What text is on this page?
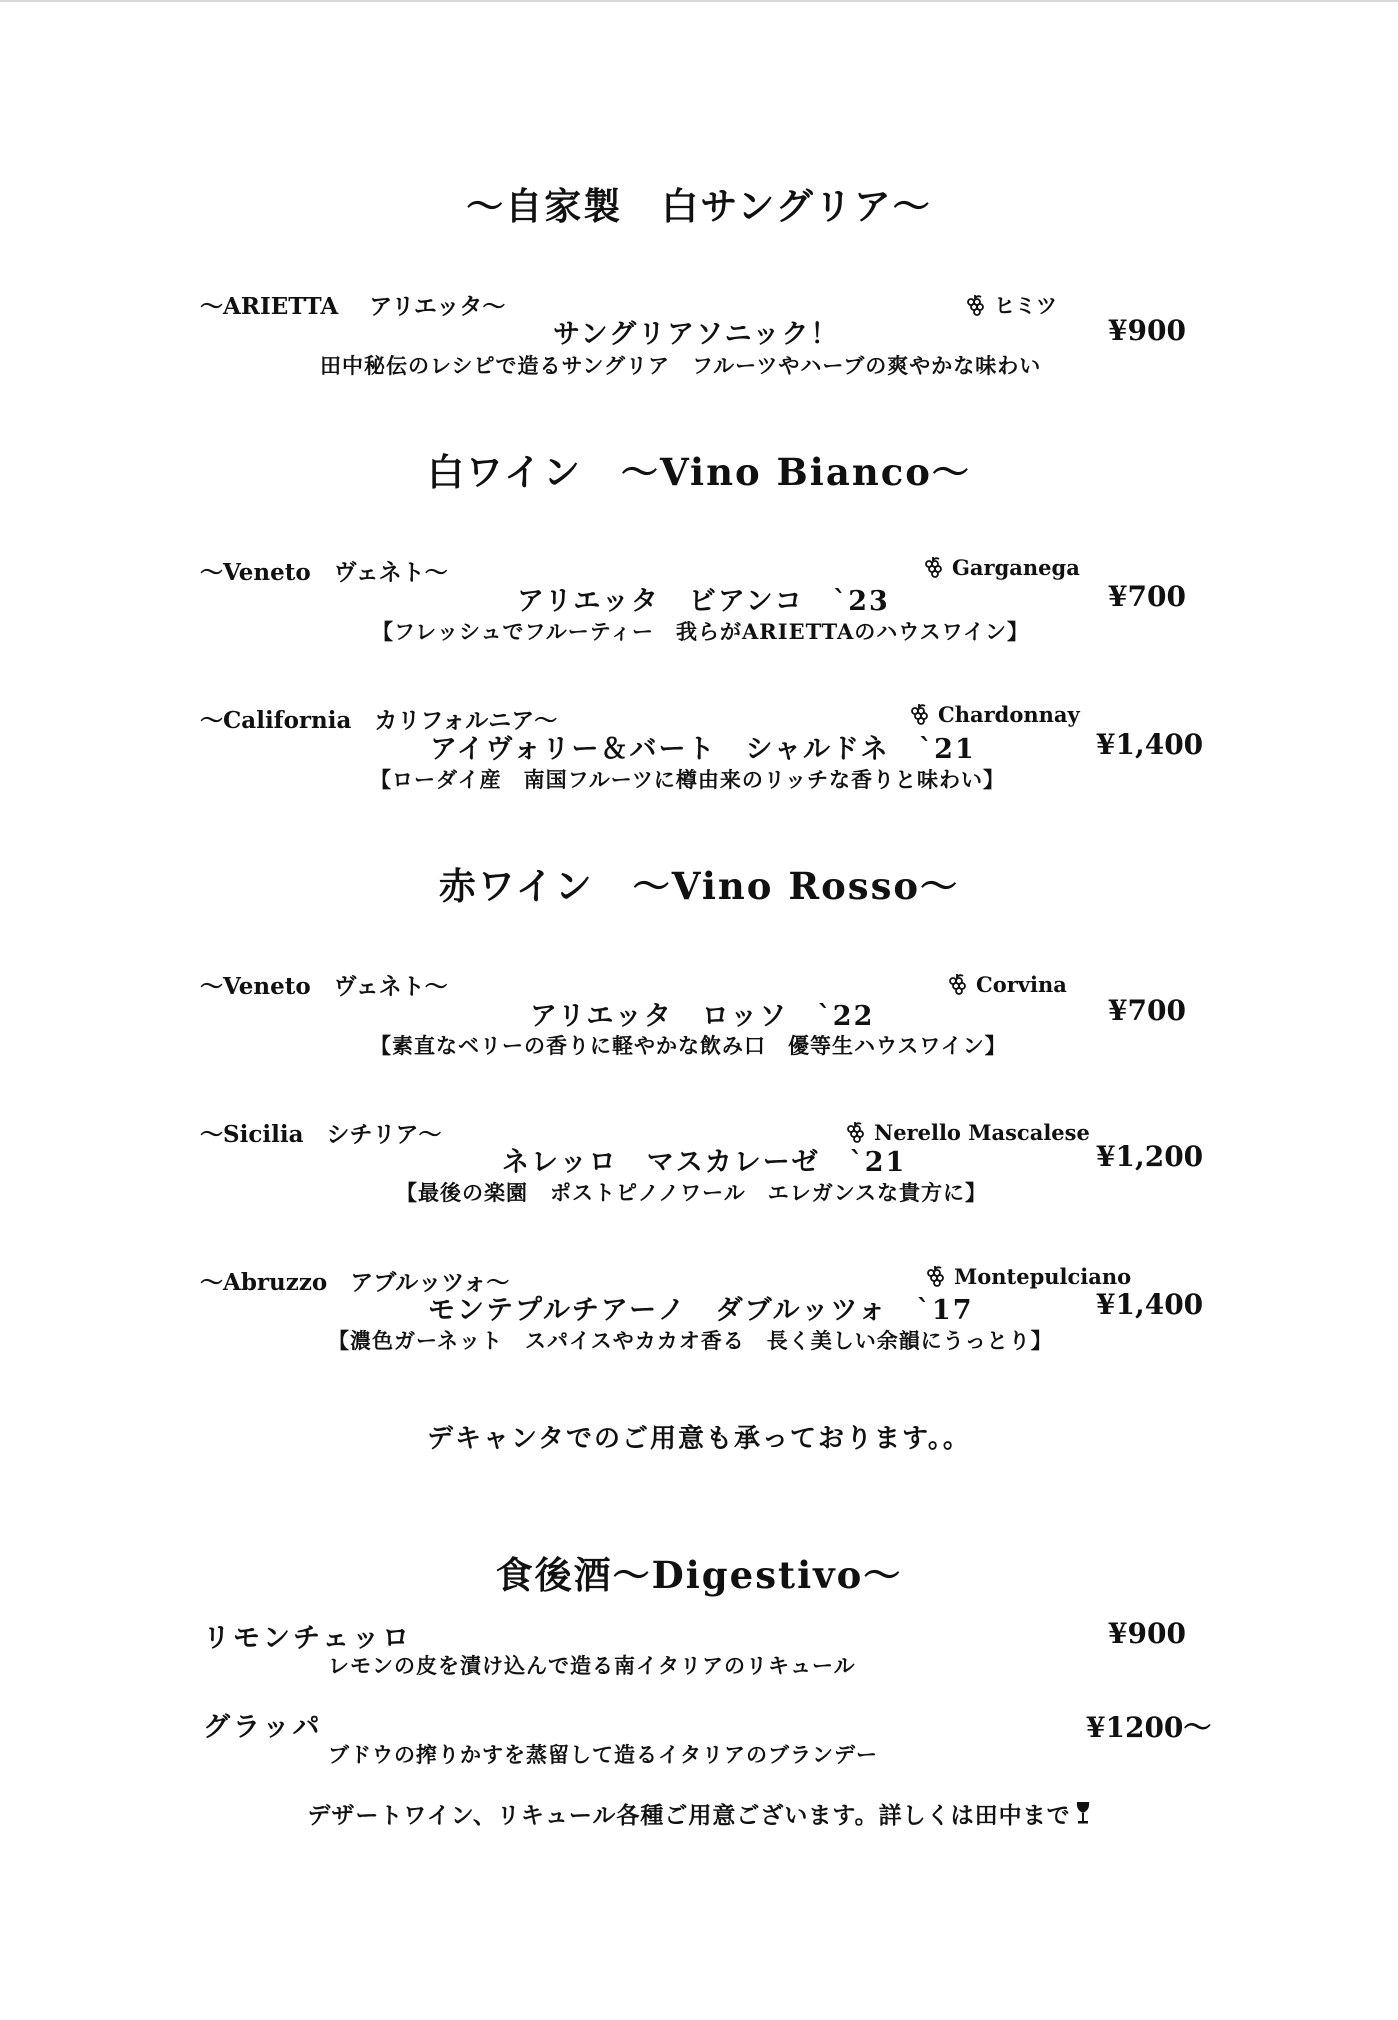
〜自家製　白サングリア〜
〜ARIETTA　 アリエッタ〜	ヒミツ
サングリアソニック！	¥900
田中秘伝のレシピで造るサングリア　フルーツやハーブの爽やかな味わい
白ワイン　〜Vino Bianco〜
〜Veneto　ヴェネト〜	Garganega
アリエッタ　ビアンコ　`23	¥700
【フレッシュでフルーティー　我らがARIETTAのハウスワイン】
〜California　カリフォルニア〜	Chardonnay
アイヴォリー＆バート　シャルドネ　`21	¥1,400
【ローダイ産　南国フルーツに樽由来のリッチな香りと味わい】
赤ワイン　〜Vino Rosso〜
〜Veneto　ヴェネト〜	Corvina
アリエッタ　ロッソ　`22	¥700
【素直なベリーの香りに軽やかな飲み口　優等生ハウスワイン】
〜Sicilia　シチリア〜	Nerello Mascalese
ネレッロ　マスカレーゼ　`21	¥1,200
【最後の楽園　ポストピノノワール　エレガンスな貴方に】
〜Abruzzo　アブルッツォ〜	Montepulciano
モンテプルチアーノ　ダブルッツォ　`17	¥1,400
【濃色ガーネット　スパイスやカカオ香る　長く美しい余韻にうっとり】
デキャンタでのご用意も承っております。。
食後酒〜Digestivo〜
リモンチェッロ	¥900
レモンの皮を漬け込んで造る南イタリアのリキュール
グラッパ	¥1200〜
ブドウの搾りかすを蒸留して造るイタリアのブランデー
デザートワイン、リキュール各種ご用意ございます。詳しくは田中まで
